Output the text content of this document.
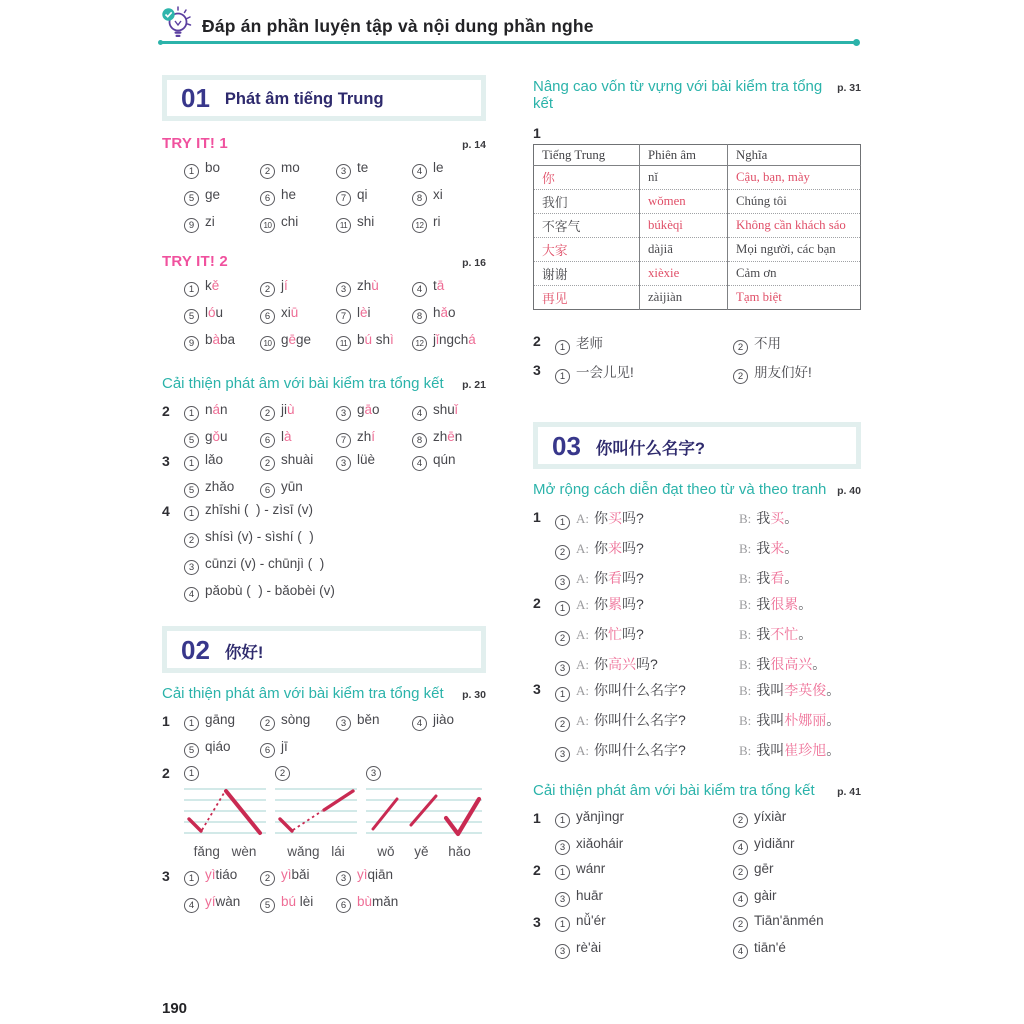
Đáp án phần luyện tập và nội dung phần nghe
01 Phát âm tiếng Trung
TRY IT! 1	p. 14
1 bo	2 mo	3 te	4 le
5 ge	6 he	7 qi	8 xi
9 zi	10 chi	11 shi	12 ri
TRY IT! 2	p. 16
1 kě	2 jí	3 zhù	4 tā
5 lóu	6 xiū	7 lèi	8 hǎo
9 bàba	10 gēge	11 bú shì	12 jǐngchá
Cải thiện phát âm với bài kiểm tra tổng kết p. 21
2	1 nán	2 jiù	3 gāo	4 shuǐ
5 gǒu	6 là	7 zhí	8 zhēn
3	1 lǎo	2 shuài	3 lüè	4 qún
5 zhǎo	6 yūn
4	1 zhīshi (  ) - zìsī (v)
2 shísì (v) - sìshí (  )
3 cūnzi (v) - chūnjì (  )
4 pǎobù (  ) - bǎobèi (v)
02 你好!
Cải thiện phát âm với bài kiểm tra tổng kết p. 30
1	1 gāng	2 sòng	3 běn	4 jiào
5 qiáo	6 jī
2	1
fǎng wèn
2
wǎng lái
3
wǒ yě hǎo
3	1 yìtiáo	2 yìbǎi	3 yìqiān
4 yíwàn	5 bú lèi	6 bùmǎn
Nâng cao vốn từ vựng với bài kiểm tra tổng kết
p. 31
1
Tiếng Trung	Phiên âm	Nghĩa
你	nǐ	Cậu, bạn, mày
我们	wǒmen	Chúng tôi
不客气	búkèqi	Không cần khách sáo
大家	dàjiā	Mọi người, các bạn
谢谢	xièxie	Cảm ơn
再见	zàijiàn	Tạm biệt
2	1 老师	2 不用
3	1 一会儿见!	2 朋友们好!
03 你叫什么名字?
Mở rộng cách diễn đạt theo từ và theo tranh p. 40
1	1 A: 你买吗?	B: 我买。
2 A: 你来吗?	B: 我来。
3 A: 你看吗?	B: 我看。
2	1 A: 你累吗?	B: 我很累。
2 A: 你忙吗?	B: 我不忙。
3 A: 你高兴吗?	B: 我很高兴。
3	1 A: 你叫什么名字?	B: 我叫李英俊。
2 A: 你叫什么名字?	B: 我叫朴娜丽。
3 A: 你叫什么名字?	B: 我叫崔珍旭。
Cải thiện phát âm với bài kiểm tra tổng kết p. 41
1	1 yǎnjìngr	2 yíxiàr
3 xiǎoháir	4 yìdiǎnr
2	1 wánr	2 gēr
3 huār	4 gàir
3	1 nǚ'ér	2 Tiān'ānmén
3 rè'ài	4 tiān'é
190
